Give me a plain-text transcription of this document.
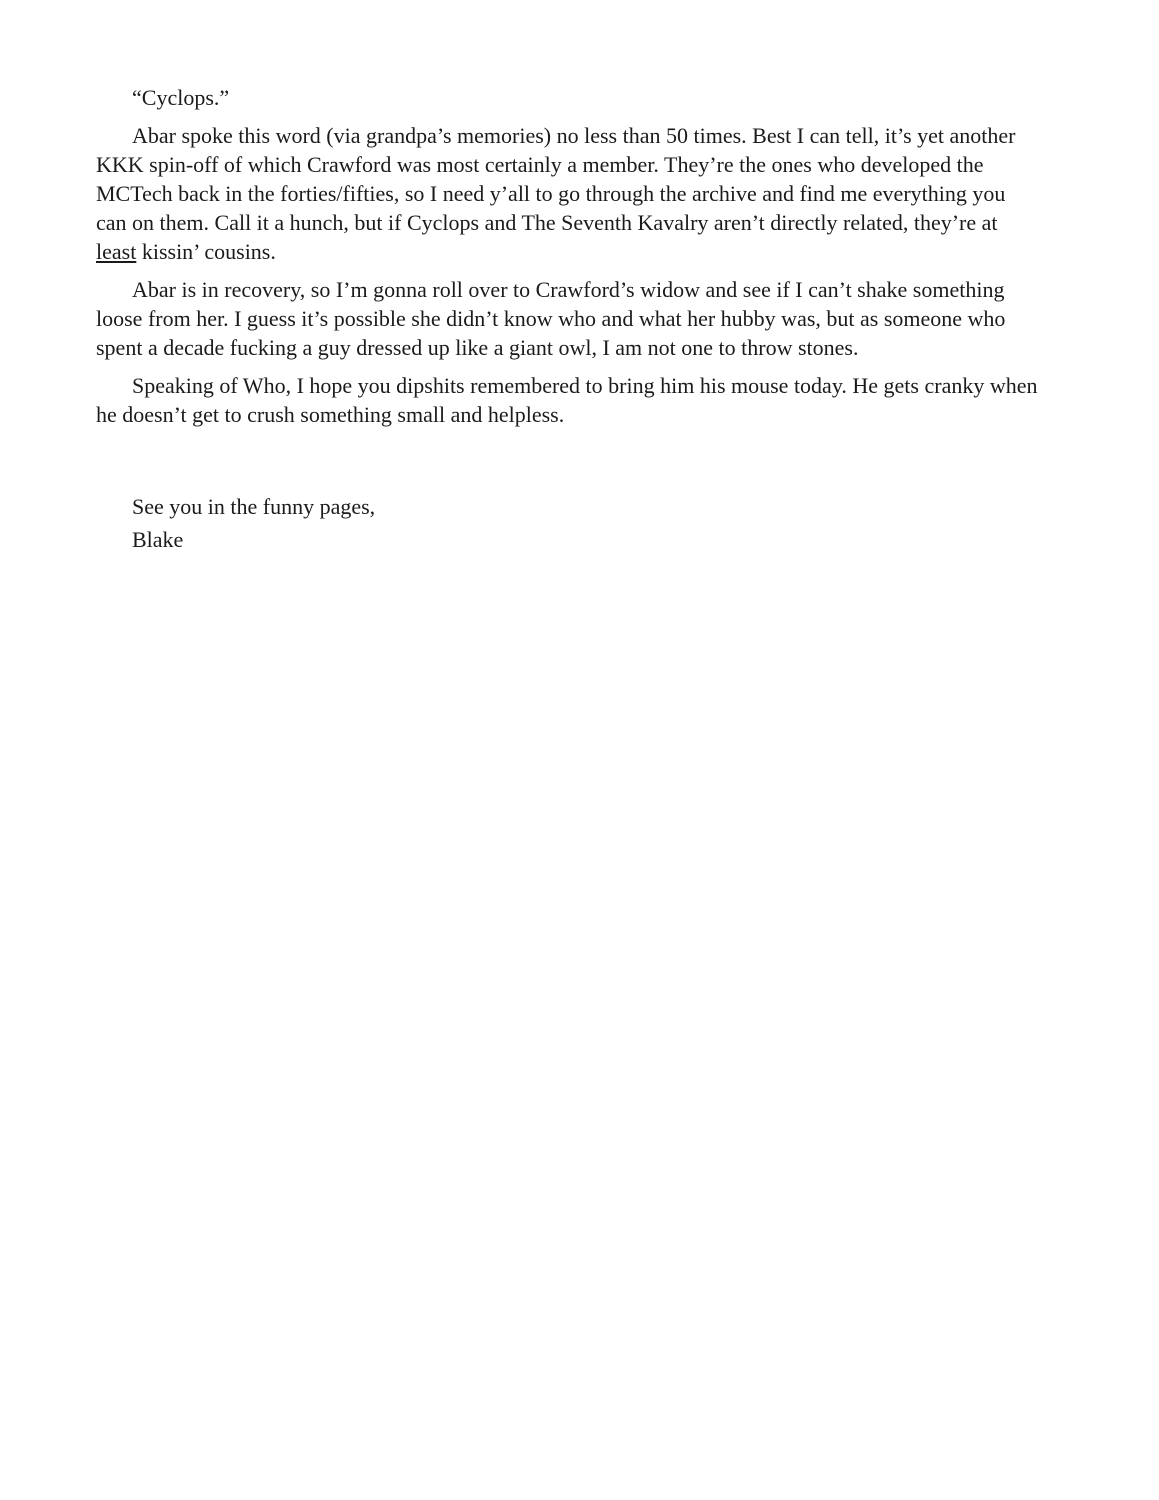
“Cyclops.”

Abar spoke this word (via grandpa’s memories) no less than 50 times. Best I can tell, it’s yet another KKK spin-off of which Crawford was most certainly a member. They’re the ones who developed the MCTech back in the forties/fifties, so I need y’all to go through the archive and find me everything you can on them. Call it a hunch, but if Cyclops and The Seventh Kavalry aren’t directly related, they’re at least kissin’ cousins.

Abar is in recovery, so I’m gonna roll over to Crawford’s widow and see if I can’t shake something loose from her. I guess it’s possible she didn’t know who and what her hubby was, but as someone who spent a decade fucking a guy dressed up like a giant owl, I am not one to throw stones.

Speaking of Who, I hope you dipshits remembered to bring him his mouse today. He gets cranky when he doesn’t get to crush something small and helpless.

See you in the funny pages,

Blake
